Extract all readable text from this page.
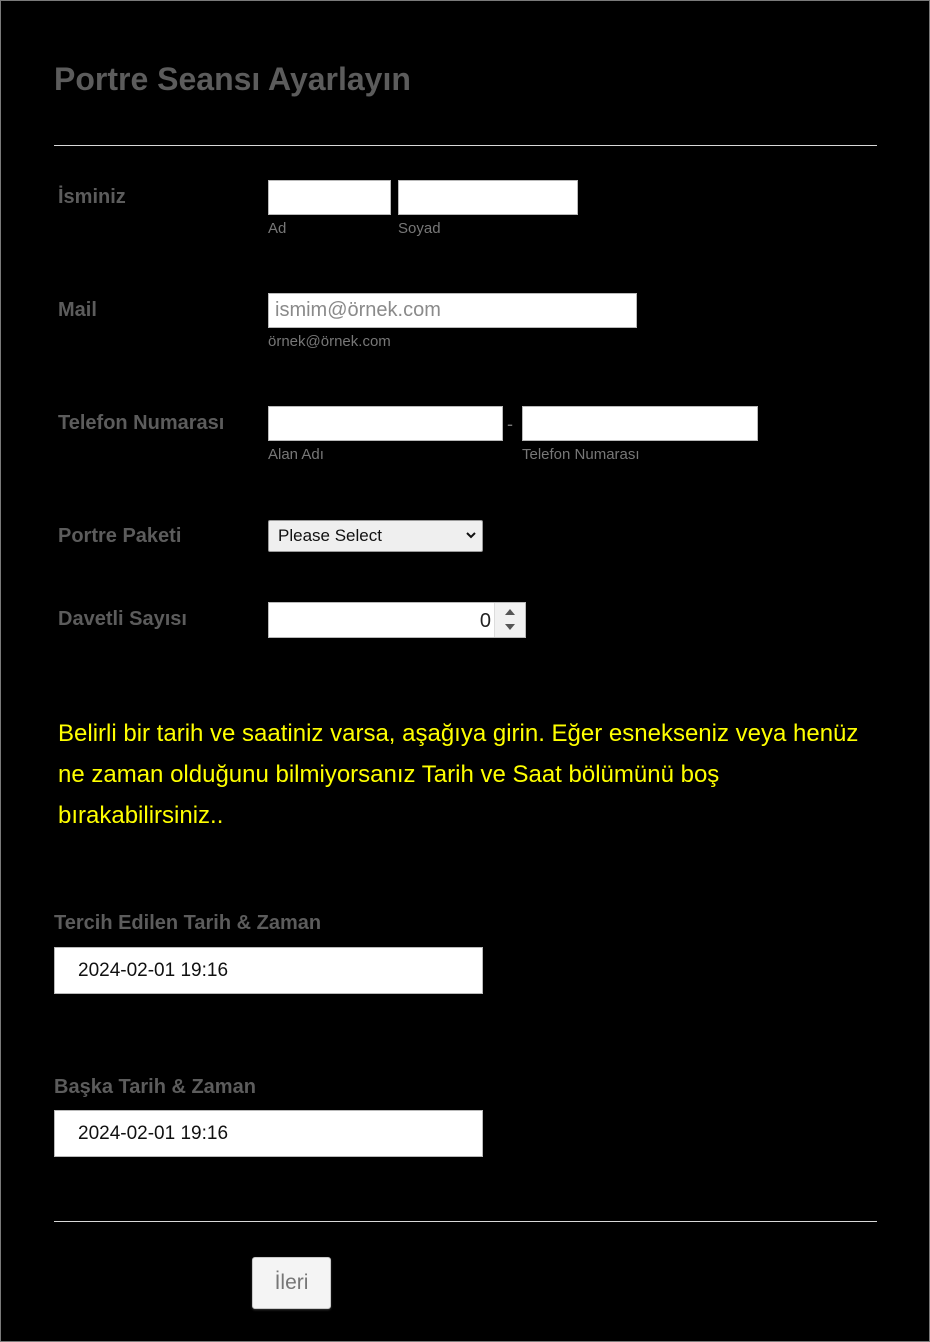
Portre Seansı Ayarlayın
İsminiz
Ad	Soyad
Mail
ismim@örnek.com
örnek@örnek.com
Telefon Numarası	-
Alan Adı	Telefon Numarası
Portre Paketi	Please Select
Davetli Sayısı	0
Belirli bir tarih ve saatiniz varsa, aşağıya girin. Eğer esnekseniz veya henüz ne zaman olduğunu bilmiyorsanız Tarih ve Saat bölümünü boş bırakabilirsiniz..
Tercih Edilen Tarih & Zaman
2024-02-01 19:16
Başka Tarih & Zaman
2024-02-01 19:16
İleri
